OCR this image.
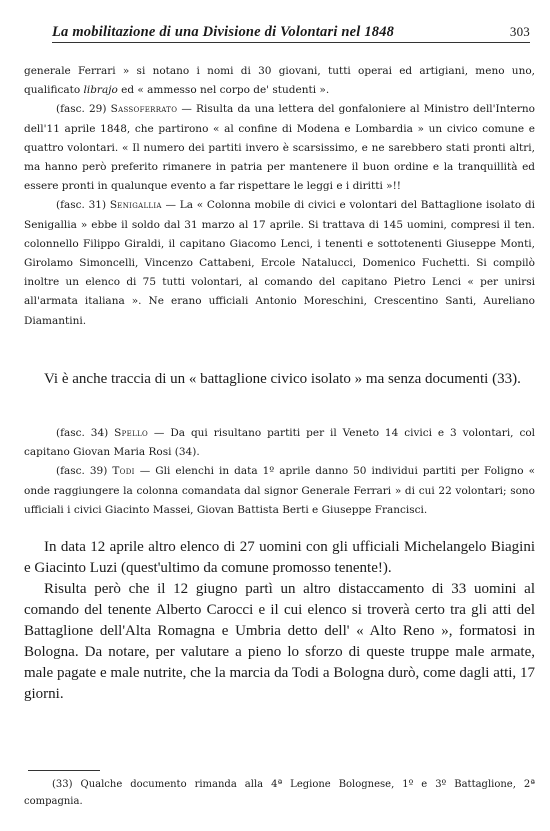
La mobilitazione di una Divisione di Volontari nel 1848	303

generale Ferrari » si notano i nomi di 30 giovani, tutti operai ed artigiani, meno uno, qualificato librajo ed « ammesso nel corpo de' studenti ».

(fasc. 29) Sassoferrato — Risulta da una lettera del gonfaloniere al Ministro dell'Interno dell'11 aprile 1848, che partirono « al confine di Modena e Lombardia » un civico comune e quattro volontari. « Il numero dei partiti invero è scarsissimo, e ne sarebbero stati pronti altri, ma hanno però preferito rimanere in patria per mantenere il buon ordine e la tranquillità ed essere pronti in qualunque evento a far rispettare le leggi e i diritti »!!

(fasc. 31) Senigallia — La « Colonna mobile di civici e volontari del Battaglione isolato di Senigallia » ebbe il soldo dal 31 marzo al 17 aprile. Si trattava di 145 uomini, compresi il ten. colonnello Filippo Giraldi, il capitano Giacomo Lenci, i tenenti e sottotenenti Giuseppe Monti, Girolamo Simoncelli, Vincenzo Cattabeni, Ercole Natalucci, Domenico Fuchetti. Si compilò inoltre un elenco di 75 tutti volontari, al comando del capitano Pietro Lenci « per unirsi all'armata italiana ». Ne erano ufficiali Antonio Moreschini, Crescentino Santi, Aureliano Diamantini.

Vi è anche traccia di un « battaglione civico isolato » ma senza documenti (33).

(fasc. 34) Spello — Da qui risultano partiti per il Veneto 14 civici e 3 volontari, col capitano Giovan Maria Rosi (34).

(fasc. 39) Todi — Gli elenchi in data 1º aprile danno 50 individui partiti per Foligno « onde raggiungere la colonna comandata dal signor Generale Ferrari » di cui 22 volontari; sono ufficiali i civici Giacinto Massei, Giovan Battista Berti e Giuseppe Francisci.

In data 12 aprile altro elenco di 27 uomini con gli ufficiali Michelangelo Biagini e Giacinto Luzi (quest'ultimo da comune promosso tenente!).

Risulta però che il 12 giugno partì un altro distaccamento di 33 uomini al comando del tenente Alberto Carocci e il cui elenco si troverà certo tra gli atti del Battaglione dell'Alta Romagna e Umbria detto dell' « Alto Reno », formatosi in Bologna. Da notare, per valutare a pieno lo sforzo di queste truppe male armate, male pagate e male nutrite, che la marcia da Todi a Bologna durò, come dagli atti, 17 giorni.

(33) Qualche documento rimanda alla 4ª Legione Bolognese, 1º e 3º Battaglione, 2ª compagnia.
